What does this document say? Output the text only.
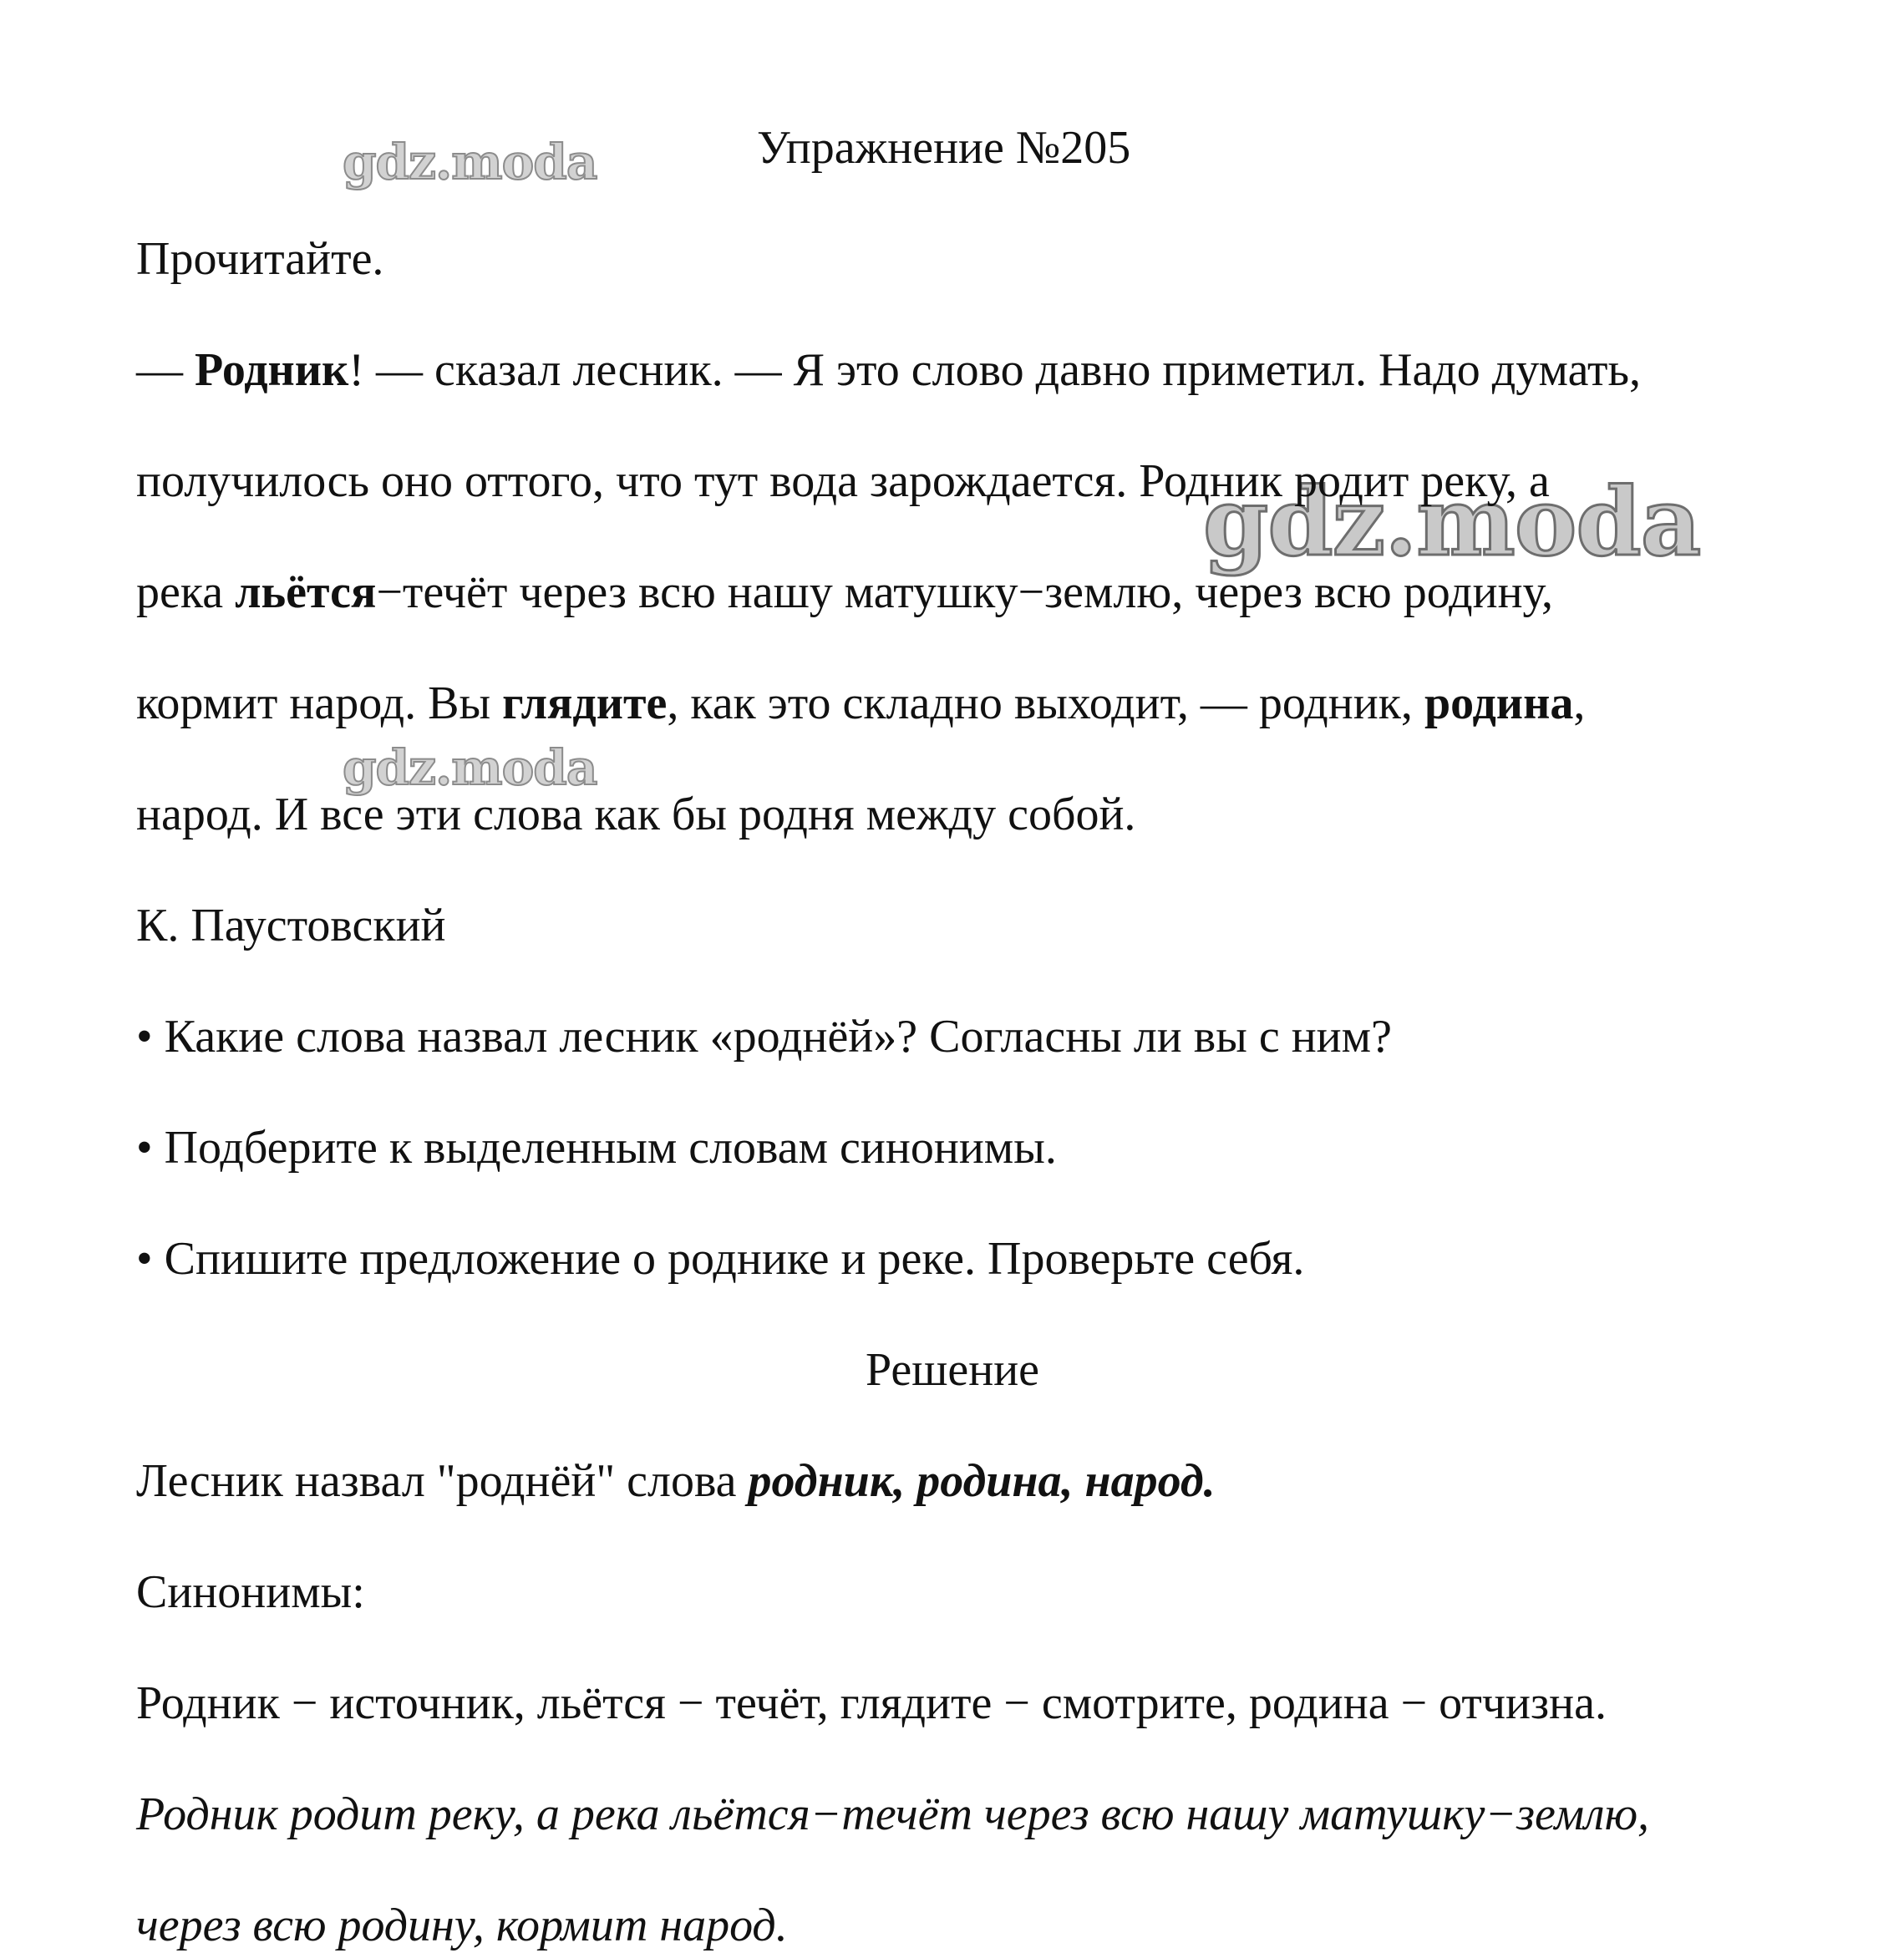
gdz.moda
gdz.moda
gdz.moda
Упражнение №205
Прочитайте.
— Родник! — сказал лесник. — Я это слово давно приметил. Надо думать,
получилось оно оттого, что тут вода зарождается. Родник родит реку, а
река льётся−течёт через всю нашу матушку−землю, через всю родину,
кормит народ. Вы глядите, как это складно выходит, — родник, родина,
народ. И все эти слова как бы родня между собой.
К. Паустовский
• Какие слова назвал лесник «роднёй»? Согласны ли вы с ним?
• Подберите к выделенным словам синонимы.
• Спишите предложение о роднике и реке. Проверьте себя.
Решение
Лесник назвал "роднёй" слова родник, родина, народ.
Синонимы:
Родник − источник, льётся − течёт, глядите − смотрите, родина − отчизна.
Родник родит реку, а река льётся−течёт через всю нашу матушку−землю,
через всю родину, кормит народ.
